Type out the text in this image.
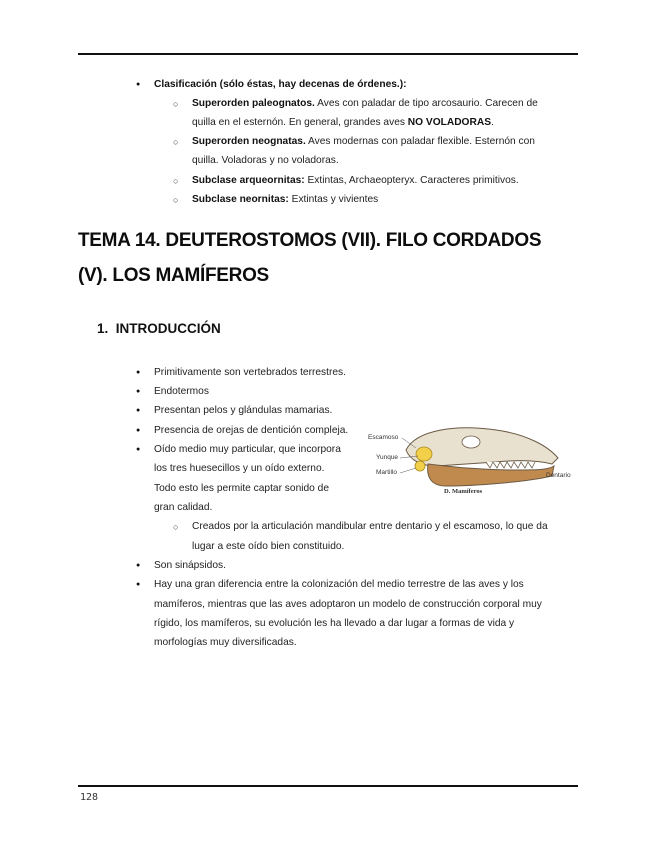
● Clasificación (sólo éstas, hay decenas de órdenes.):
○ Superorden paleognatos. Aves con paladar de tipo arcosaurio. Carecen de
quilla en el esternón. En general, grandes aves NO VOLADORAS.
○ Superorden neognatas. Aves modernas con paladar flexible. Esternón con
quilla. Voladoras y no voladoras.
○ Subclase arqueornitas: Extintas, Archaeopteryx. Caracteres primitivos.
○ Subclase neornitas: Extintas y vivientes
TEMA 14. DEUTEROSTOMOS (VII). FILO CORDADOS
(V). LOS MAMÍFEROS
1. INTRODUCCIÓN
● Primitivamente son vertebrados terrestres.
● Endotermos
● Presentan pelos y glándulas mamarias.
● Presencia de orejas de dentición compleja.
● Oído medio muy particular, que incorpora
los tres huesecillos y un oído externo.
Todo esto les permite captar sonido de
gran calidad.
○ Creados por la articulación mandibular entre dentario y el escamoso, lo que da
lugar a este oído bien constituido.
● Son sinápsidos.
● Hay una gran diferencia entre la colonización del medio terrestre de las aves y los
mamíferos, mientras que las aves adoptaron un modelo de construcción corporal muy
rígido, los mamíferos, su evolución les ha llevado a dar lugar a formas de vida y
morfologías muy diversificadas.
Escamoso
Yunque
Martillo	Dentario
D. Mamíferos
128
